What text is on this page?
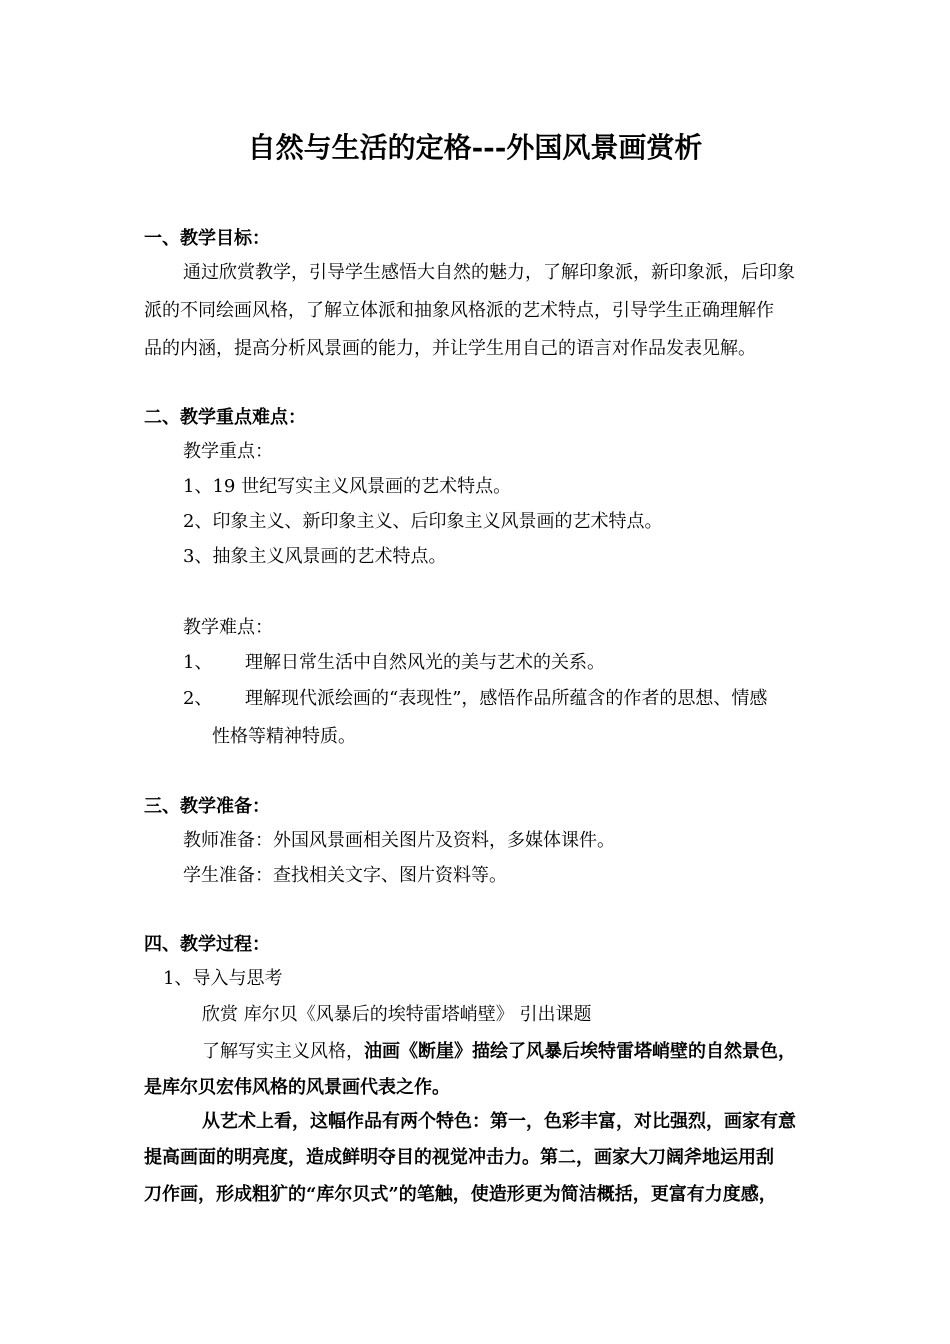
自然与生活的定格---外国风景画赏析
一、教学目标：
通过欣赏教学，引导学生感悟大自然的魅力，了解印象派，新印象派，后印象
派的不同绘画风格，了解立体派和抽象风格派的艺术特点，引导学生正确理解作
品的内涵，提高分析风景画的能力，并让学生用自己的语言对作品发表见解。
二、教学重点难点：
教学重点：
1、19 世纪写实主义风景画的艺术特点。
2、印象主义、新印象主义、后印象主义风景画的艺术特点。
3、抽象主义风景画的艺术特点。
教学难点：
1、 理解日常生活中自然风光的美与艺术的关系。
2、 理解现代派绘画的“表现性”，感悟作品所蕴含的作者的思想、情感
性格等精神特质。
三、教学准备：
教师准备：外国风景画相关图片及资料，多媒体课件。
学生准备：查找相关文字、图片资料等。
四、教学过程：
1、导入与思考
欣赏 库尔贝《风暴后的埃特雷塔峭壁》 引出课题
了解写实主义风格，油画《断崖》描绘了风暴后埃特雷塔峭壁的自然景色，
是库尔贝宏伟风格的风景画代表之作。
从艺术上看，这幅作品有两个特色：第一，色彩丰富，对比强烈，画家有意
提高画面的明亮度，造成鲜明夺目的视觉冲击力。第二，画家大刀阔斧地运用刮
刀作画，形成粗犷的“库尔贝式”的笔触，使造形更为简洁概括，更富有力度感，
